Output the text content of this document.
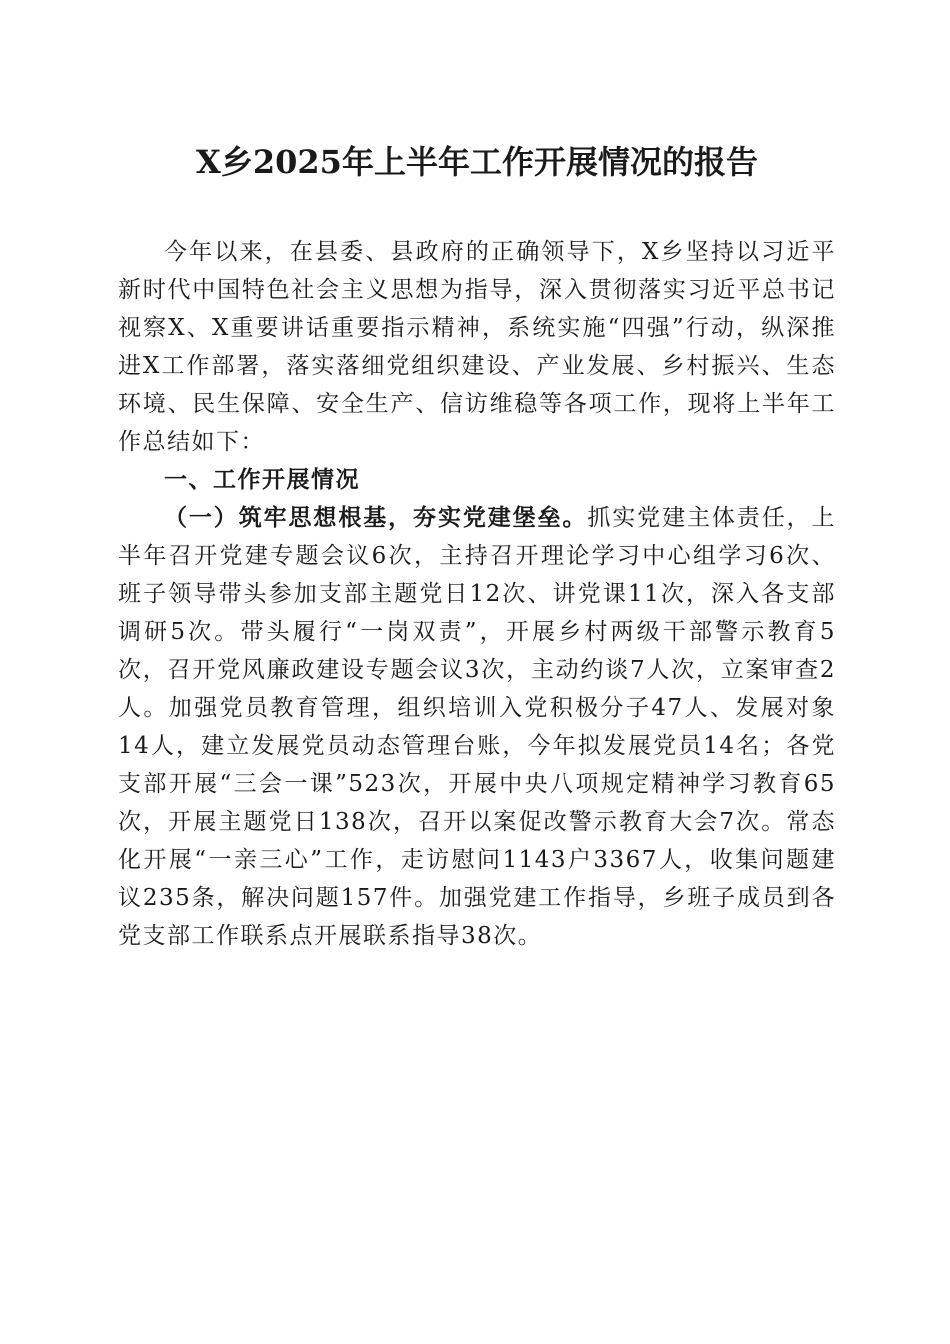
X乡2025年上半年工作开展情况的报告

今年以来，在县委、县政府的正确领导下，X乡坚持以习近平新时代中国特色社会主义思想为指导，深入贯彻落实习近平总书记视察X、X重要讲话重要指示精神，系统实施“四强”行动，纵深推进X工作部署，落实落细党组织建设、产业发展、乡村振兴、生态环境、民生保障、安全生产、信访维稳等各项工作，现将上半年工作总结如下：

一、工作开展情况

（一）筑牢思想根基，夯实党建堡垒。抓实党建主体责任，上半年召开党建专题会议6次，主持召开理论学习中心组学习6次、班子领导带头参加支部主题党日12次、讲党课11次，深入各支部调研5次。带头履行“一岗双责”，开展乡村两级干部警示教育5次，召开党风廉政建设专题会议3次，主动约谈7人次，立案审查2人。加强党员教育管理，组织培训入党积极分子47人、发展对象14人，建立发展党员动态管理台账，今年拟发展党员14名；各党支部开展“三会一课”523次，开展中央八项规定精神学习教育65次，开展主题党日138次，召开以案促改警示教育大会7次。常态化开展“一亲三心”工作，走访慰问1143户3367人，收集问题建议235条，解决问题157件。加强党建工作指导，乡班子成员到各党支部工作联系点开展联系指导38次。
